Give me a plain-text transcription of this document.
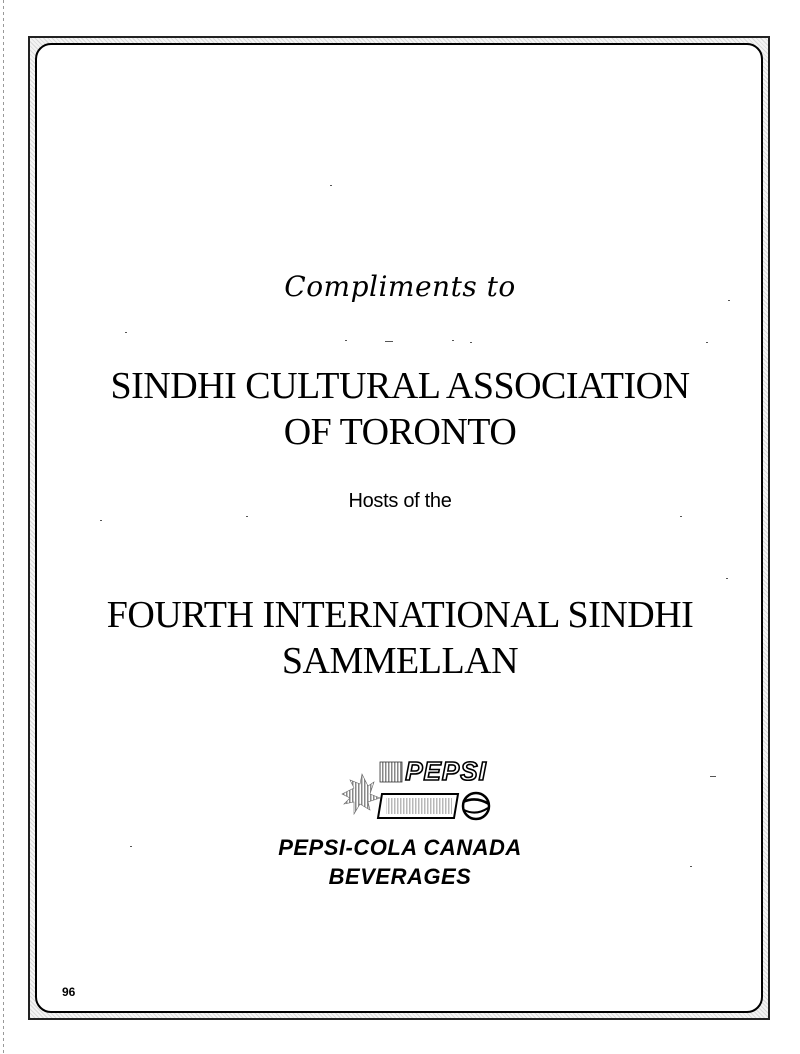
Compliments to
SINDHI CULTURAL ASSOCIATION
OF TORONTO
Hosts of the
FOURTH INTERNATIONAL SINDHI
SAMMELLAN
PEPSI
PEPSI-COLA CANADA
BEVERAGES
96
